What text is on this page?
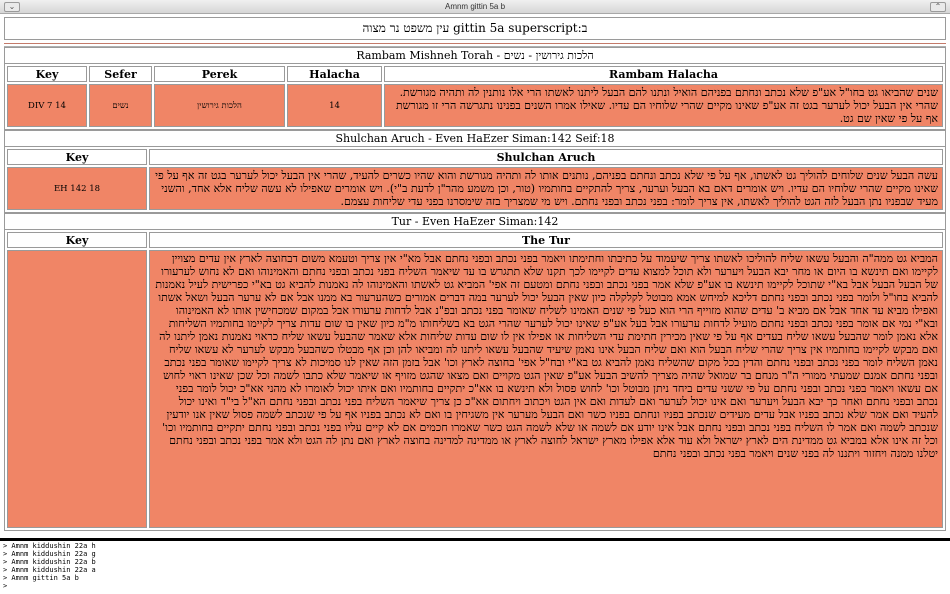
⌄	Amnm gittin 5a b	⌃
ב:gittin 5a superscript עין משפט נר מצוה
Rambam Mishneh Torah - הלכות גירושין - נשים
Key	Sefer	Perek	Halacha	Rambam Halacha
DIV 7 14	נשים	הלכות גירושין	14	שנים שהביאו גט בחו"ל אע"פ שלא נכתב ונחתם בפניהם הואיל ונתנו להם הבעל ליתנו לאשתו הרי אלו נותנין לה ותהיה מגורשת. שהרי אין הבעל יכול לערער בגט זה אע"פ שאינו מקיים שהרי שלוחיו הם עדיו. שאילו אמרו השנים בפנינו נתגרשה הרי זו מגורשת אף על פי שאין שם גט.
Shulchan Aruch - Even HaEzer Siman:142 Seif:18
Key	Shulchan Aruch
EH 142 18	עשה הבעל שנים שלוחים להוליך גט לאשתו, אף על פי שלא נכתב ונחתם בפניהם, נותנים אותו לה ותהיה מגורשת והוא שהיו כשרים להעיד, שהרי אין הבעל יכול לערער בגט זה אף על פי שאינו מקיים שהרי שלוחיו הם עדיו. ויש אומרים דאם בא הבעל וערער, צריך להתקיים בחותמיו (טור, וכן משמע מהר"ן לדעת ב"י). ויש אומרים שאפילו לא עשה שליח אלא אחד, והשני מעיד שבפניו נתן הבעל לזה הגט להוליך לאשתו, אין צריך לומר: בפני נכתב ובפני נחתם. ויש מי שמצריך בזה שימסרנו בפני עדי שליחות עצמם.
Tur - Even HaEzer Siman:142
Key	The Tur

	המביא גט ממה"ה והבעל עשאו שליח להוליכו לאשתו צריך שיעמוד על כתיבתו וחתימתו ויאמר בפני נכתב ובפני נחתם אבל מא"י אין צריך וטעמא משום דבחוצה לארץ אין עדים מצויין לקיימו ואם תינשא בו היום או מחר יבא הבעל ויערער ולא תוכל למצוא עדים לקיימו לכך תקנו שלא תתגרש בו עד שיאמר השליח בפני נכתב ובפני נחתם והאמינוהו ואם לא נחוש לערעורו של הבעל הבעל אבל בא"י שתוכל לקיימו תינשא בו אע"פ שלא אמר בפני נכתב ובפני נחתם ומטעם זה אפי' המביא גט לאשתו והאמינוהו לה נאמנות להביא גט בא"י כפרישית לעיל נאמנות להביא בחו"ל ולומר בפני נכתב ובפני נחתם דליכא למיחש אמא מבוטל לקלקלה כיון שאין הבעל יכול לערער במה דברים אמורים כשהערעור בא ממנו אבל אם לא ערער הבעל ושאל אשתו ואפילו מביא עד אחד אבל אם מביא ב' עדים שהוא מזוייף הרי הוא כעל פי שנים האמינו לשליח שאומר בפני נכתב ובפ"נ אבל לדחות ערעורו אבל במקום שמכחישין אותו לא האמינוהו ובא"י נמי אם אומר בפני נכתב ובפני נחתם מועיל לדחות ערעורו אבל בעל אע"פ שאינו יכול לערער שהרי הגט בא בשליחותו מ"מ כיון שאין בו שום עדות צריך לקיימו בחותמיו השליחות אלא נאמן לומר שהבעל עשאו שליח בעדים אף על פי שאין מכירין חתימת עדי השליחות או אפילו אין לו שום עדות שליחות אלא שאמר שהבעל עשאו שליח כראוי נאמנות נאמן ליתנו לה ואם מבקש לקיימו בחותמיו אין צריך שהרי שליח הבעל הוא ואם שליח הבעל אינו נאמן שיעיד שהבעל עשאו ליתנו לה ומביאו להן וכן אף מבטלו כשהבעל מבקש לערער לא עשאו שליח נאמן השליח לומר בפני נכתב ובפני נחתם והדין בכל מקום שהשליח נאמן להביא גט בא"י ובח"ל אפי' בחוצה לארץ וכו' אבל בזמן הזה שאין לנו סמיכות לא צריך לקיימו שאומר בפני נכתב ובפני נחתם אמנם שמעתי ממורי ה"ר מנחם בר שמואל שהיה מצריך להשיב הבעל אע"פ שאין הגט מקויים ואם מצאו שהגט מזויף או שיאמר שלא כתבו לשמה וכל שכן שאינו ראוי לחוש אם עשאו ויאמר בפני נכתב ובפני נחתם על פי ששני עדים ביחד ניתן מבוטל וכו' לחוש פסול ולא תינשא בו אא"כ יתקיים בחותמיו ואם איתו יכול לאומרו לא מהני אא"כ יכול לומר בפני נכתב ובפני נחתם ואחר כך יבא הבעל ויערער ואם אינו יכול לערער ואם לעדות ואם אין הגט ויכתוב ויחתום אא"כ כן צריך שיאמר השליח בפני נכתב ובפני נחתם הא"ל בי"ד ואינו יכול להעיד ואם אמר שלא נכתב בפניו אבל עדים מעידים שנכתב בפניו ונחתם בפניו כשר ואם הבעל מערער אין משגיחין בו ואם לא נכתב בפניו אף על פי שנכתב לשמה פסול שאין אנו יודעין שנכתב לשמה ואם אמר לו השליח בפני נכתב ובפני נחתם אבל אינו יודע אם לשמה או שלא לשמה הגט כשר שאמרו חכמים אם לא קיים עליו בפני נכתב ובפני נחתם יתקיים בחותמיו וכו' וכל זה אינו אלא במביא גט ממדינת הים לארץ ישראל ולא עוד אלא אפילו מארץ ישראל לחוצה לארץ או ממדינה למדינה בחוצה לארץ ואם נתן לה הגט ולא אמר בפני נכתב ובפני נחתם יטלנו ממנה ויחזור ויתננו לה בפני שנים ויאמר בפני נכתב ובפני נחתם
> Amnm kiddushin 22a h
> Amnm kiddushin 22a g
> Amnm kiddushin 22a b
> Amnm kiddushin 22a a
> Amnm gittin 5a b
>
